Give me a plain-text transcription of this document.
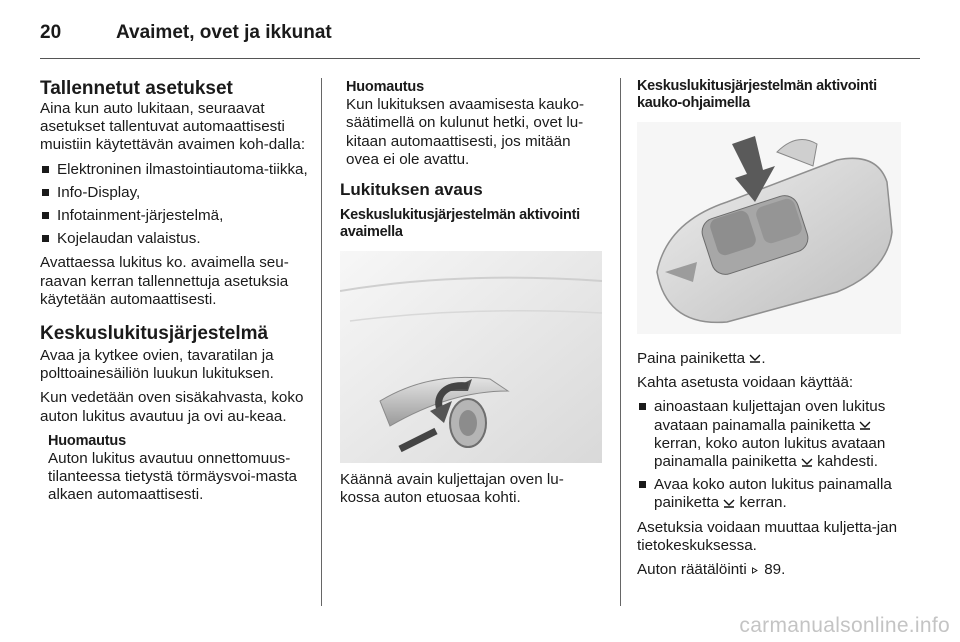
20	Avaimet, ovet ja ikkunat
Tallennetut asetukset

Aina kun auto lukitaan, seuraavat asetukset tallentuvat automaattisesti muistiin käytettävän avaimen koh-dalla:

Elektroninen ilmastointiautoma-tiikka,
Info-Display,
Infotainment-järjestelmä,
Kojelaudan valaistus.

Avattaessa lukitus ko. avaimella seu-raavan kerran tallennettuja asetuksia käytetään automaattisesti.

Keskuslukitusjärjestelmä

Avaa ja kytkee ovien, tavaratilan ja polttoainesäiliön luukun lukituksen.

Kun vedetään oven sisäkahvasta, koko auton lukitus avautuu ja ovi au-keaa.

Huomautus
Auton lukitus avautuu onnettomuus-tilanteessa tietystä törmäysvoi-masta alkaen automaattisesti.
Huomautus
Kun lukituksen avaamisesta kauko-säätimellä on kulunut hetki, ovet lu-kitaan automaattisesti, jos mitään ovea ei ole avattu.
Lukituksen avaus
Keskuslukitusjärjestelmän aktivointi avaimella

Käännä avain kuljettajan oven lu-kossa auton etuosaa kohti.

Keskuslukitusjärjestelmän aktivointi kauko-ohjaimella

Paina painiketta .

Kahta asetusta voidaan käyttää:

ainoastaan kuljettajan oven lukitus avataan painamalla painiketta  kerran, koko auton lukitus avataan painamalla painiketta  kahdesti.
Avaa koko auton lukitus painamalla painiketta  kerran.

Asetuksia voidaan muuttaa kuljetta-jan tietokeskuksessa.

Auton räätälöinti  89.

carmanualsonline.info
